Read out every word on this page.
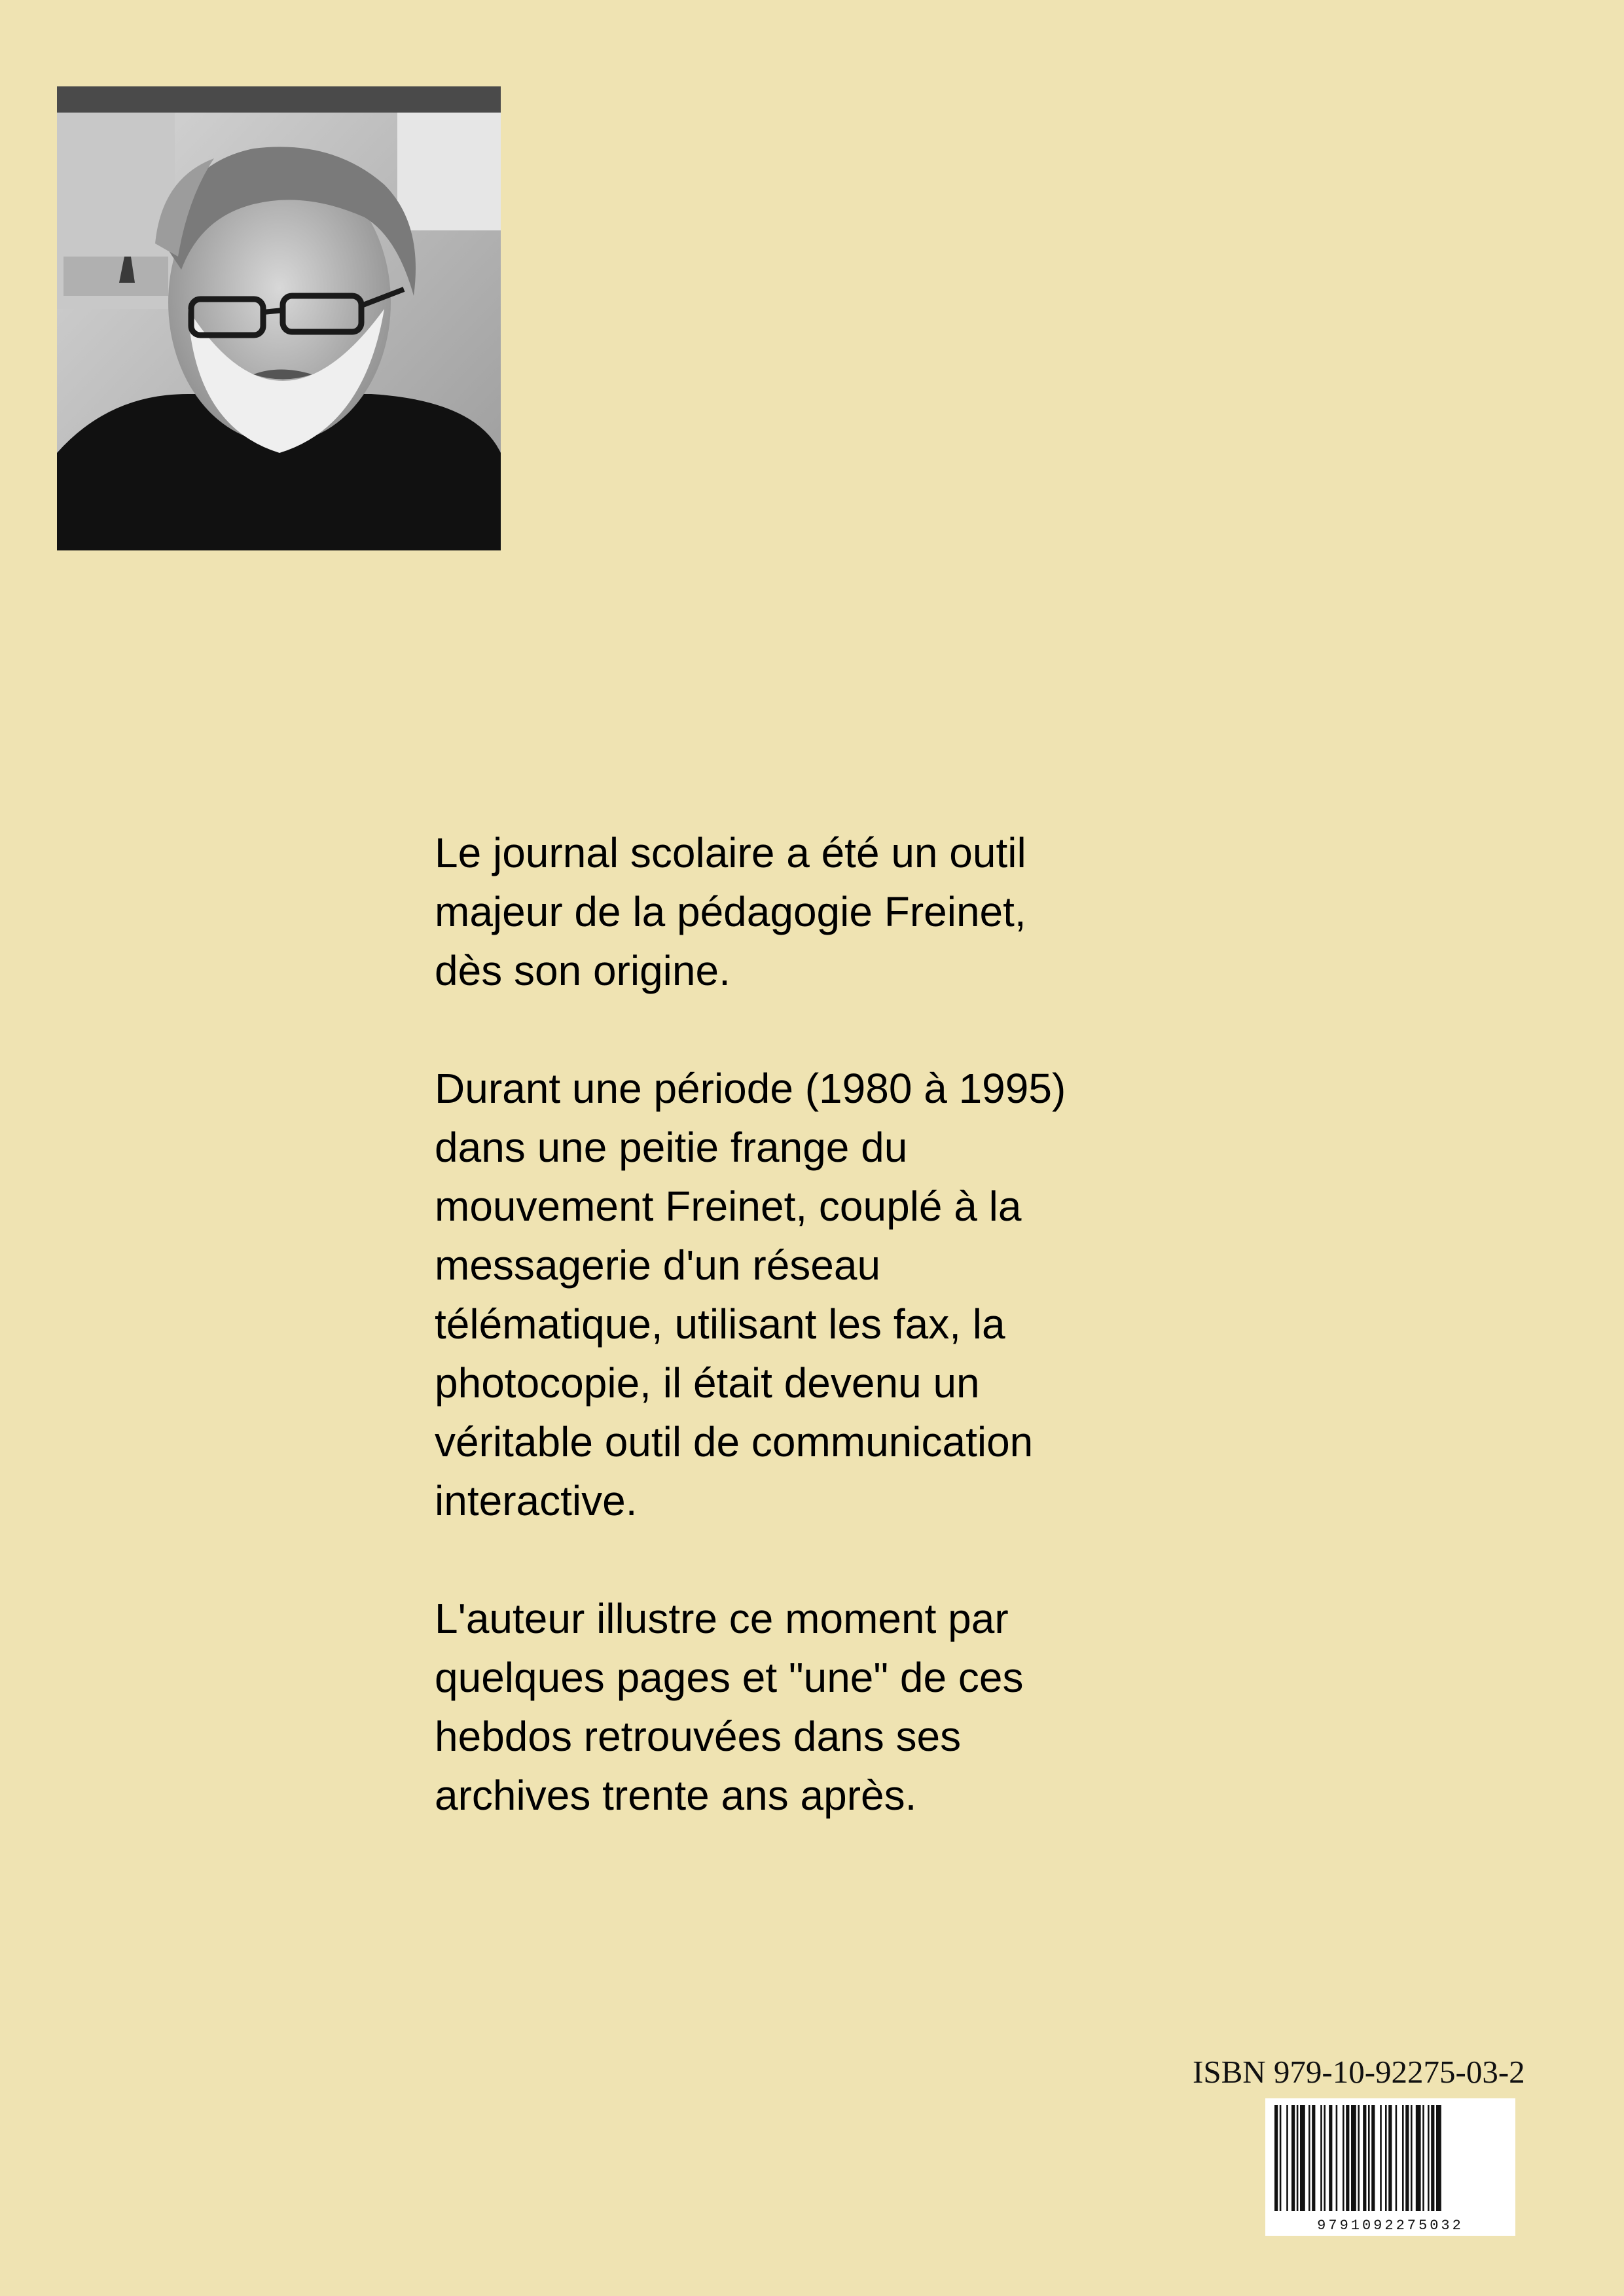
Le journal scolaire a été un outil
majeur de la pédagogie Freinet,
dès son origine.

Durant une période (1980 à 1995)
dans une peitie frange du
mouvement Freinet, couplé à la
messagerie d'un réseau
télématique, utilisant les fax, la
photocopie, il était devenu un
véritable outil de communication
interactive.

L'auteur illustre ce moment par
quelques pages et "une" de ces
hebdos retrouvées dans ses
archives trente ans après.

ISBN 979-10-92275-03-2
9791092275032
